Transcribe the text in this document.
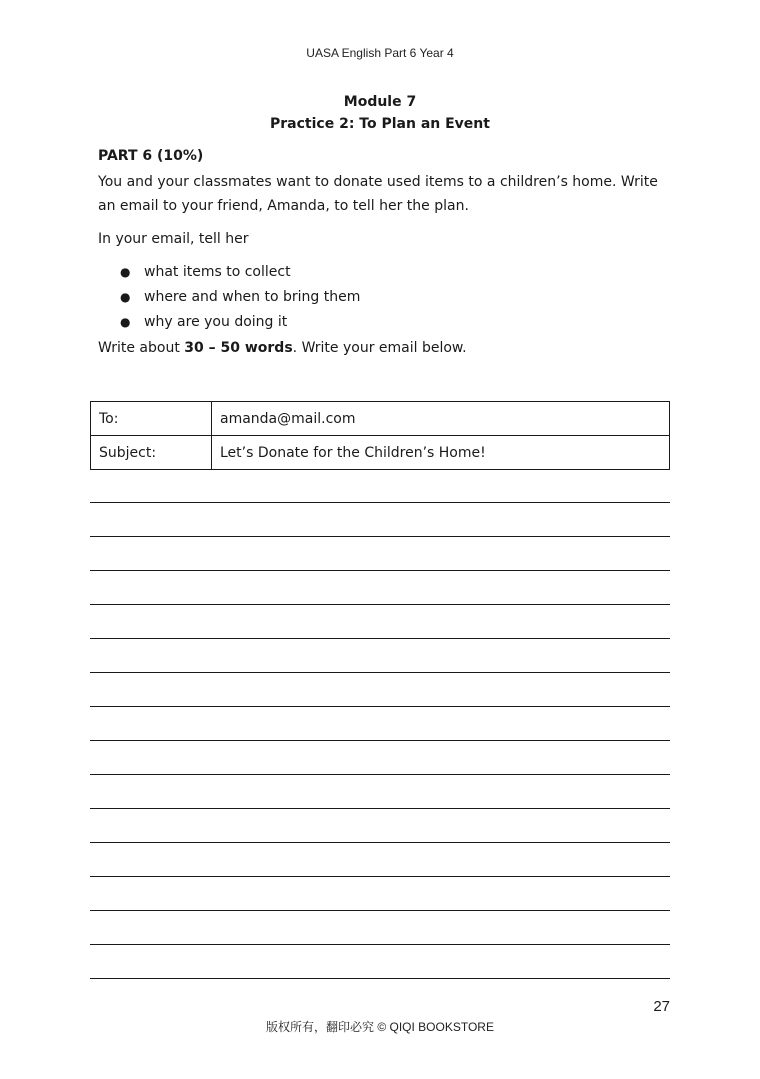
UASA English Part 6 Year 4
Module 7
Practice 2: To Plan an Event
PART 6 (10%)
You and your classmates want to donate used items to a children’s home. Write an email to your friend, Amanda, to tell her the plan.
In your email, tell her
● what items to collect
● where and when to bring them
● why are you doing it
Write about 30 – 50 words. Write your email below.
To:	amanda@mail.com
Subject:	Let’s Donate for the Children’s Home!
27
版权所有，翻印必究 © QIQI BOOKSTORE
